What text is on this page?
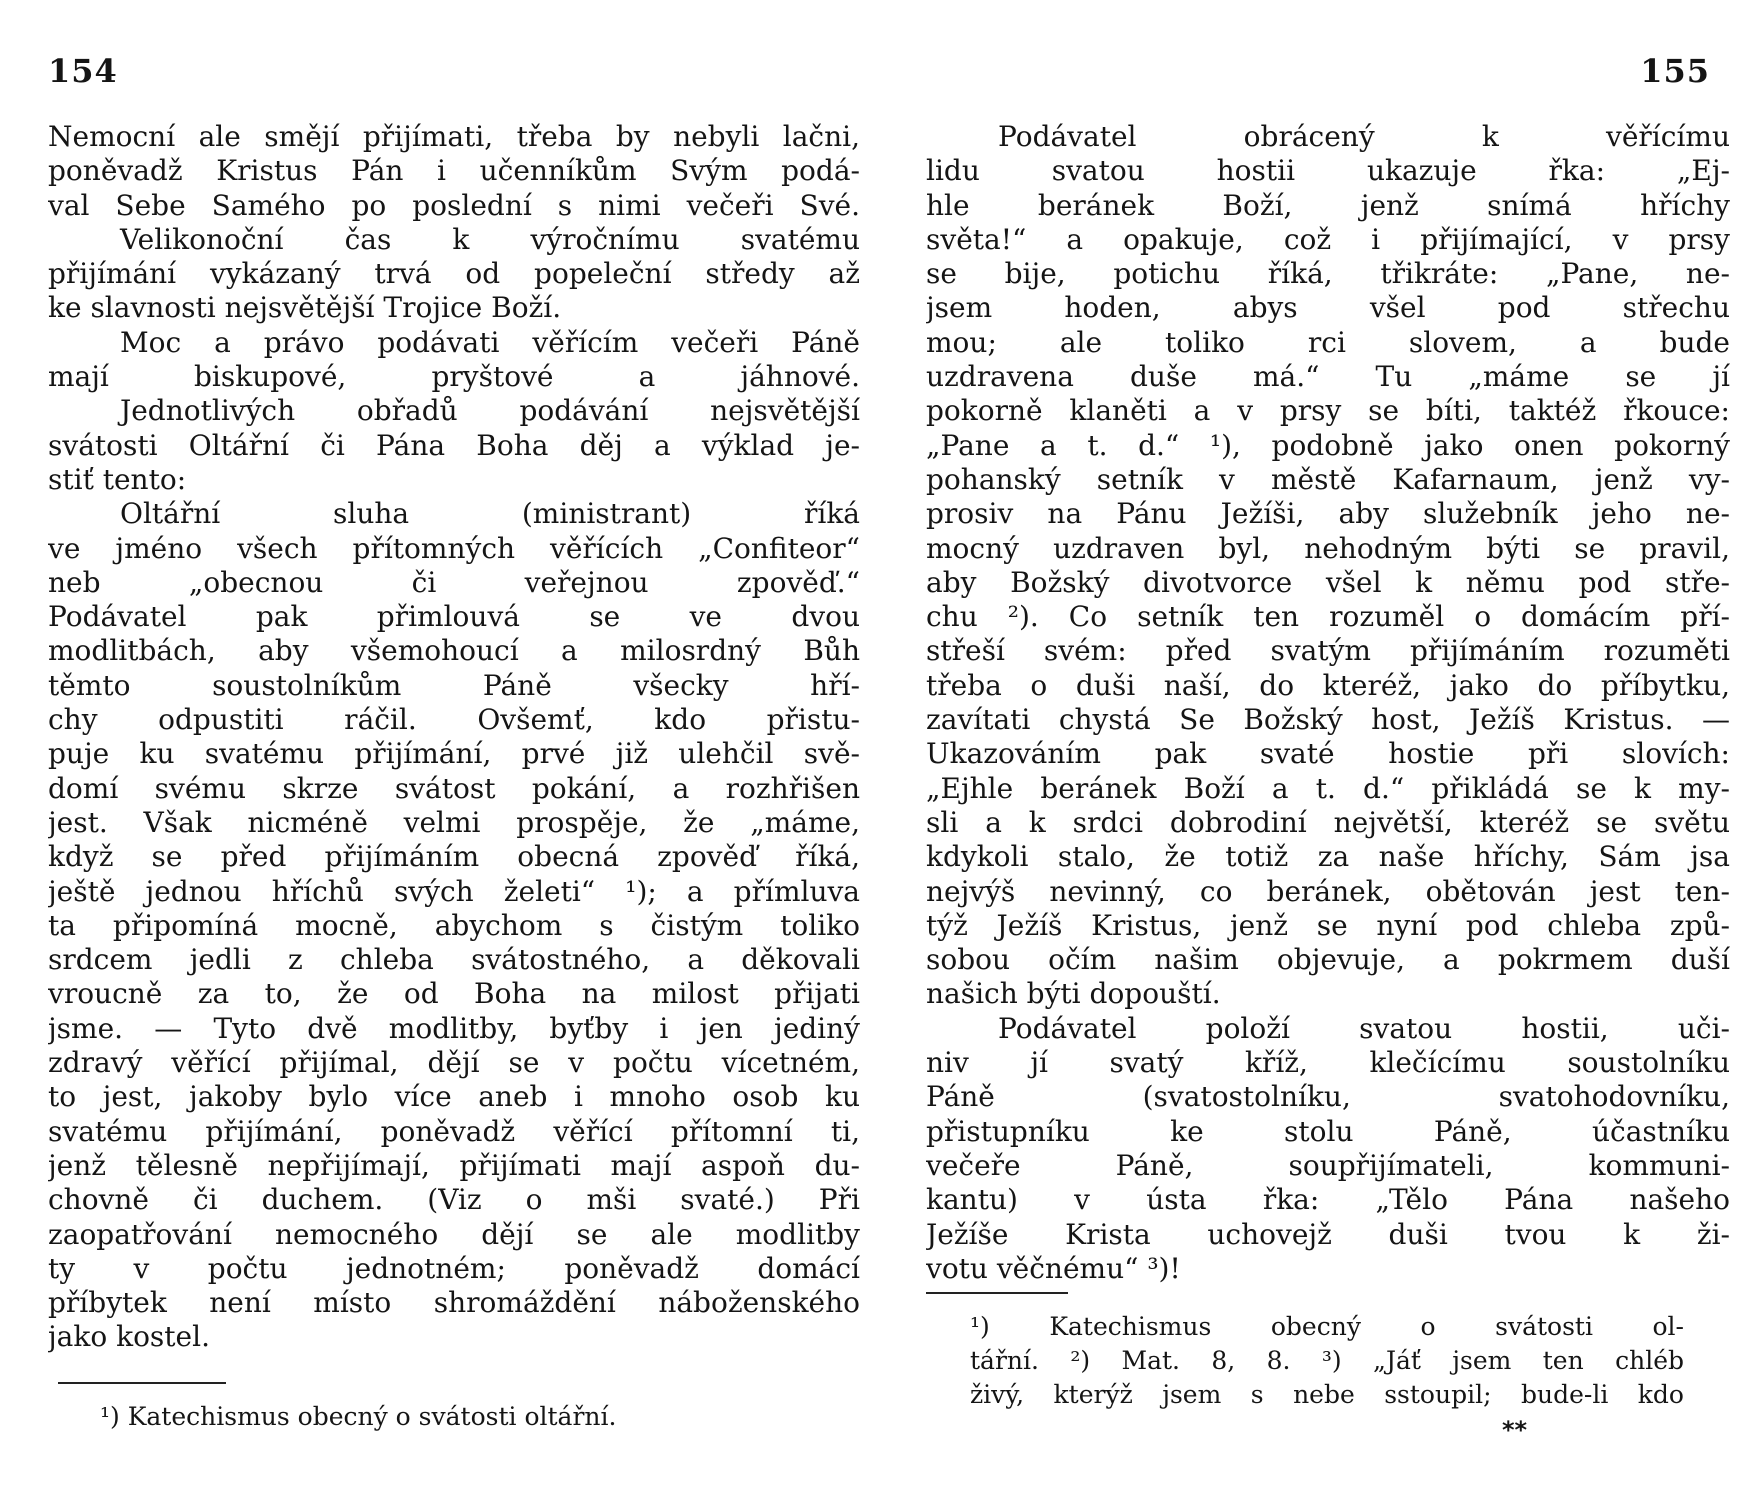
154
Nemocní ale smějí přijímati, třeba by nebyli lačni,
poněvadž Kristus Pán i učenníkům Svým podá-
val Sebe Samého po poslední s nimi večeři Své.
Velikonoční čas k výročnímu svatému
přijímání vykázaný trvá od popeleční středy až
ke slavnosti nejsvětější Trojice Boží.
Moc a právo podávati věřícím večeři Páně
mají biskupové, pryštové a jáhnové.
Jednotlivých obřadů podávání nejsvětější
svátosti Oltářní či Pána Boha děj a výklad je-
stiť tento:
Oltářní sluha (ministrant) říká
ve jméno všech přítomných věřících „Confiteor“
neb „obecnou či veřejnou zpověď.“
Podávatel pak přimlouvá se ve dvou
modlitbách, aby všemohoucí a milosrdný Bůh
těmto soustolníkům Páně všecky hří-
chy odpustiti ráčil. Ovšemť, kdo přistu-
puje ku svatému přijímání, prvé již ulehčil svě-
domí svému skrze svátost pokání, a rozhřišen
jest. Však nicméně velmi prospěje, že „máme,
když se před přijímáním obecná zpověď říká,
ještě jednou hříchů svých želeti“ ¹); a přímluva
ta připomíná mocně, abychom s čistým toliko
srdcem jedli z chleba svátostného, a děkovali
vroucně za to, že od Boha na milost přijati
jsme. — Tyto dvě modlitby, byťby i jen jediný
zdravý věřící přijímal, dějí se v počtu vícetném,
to jest, jakoby bylo více aneb i mnoho osob ku
svatému přijímání, poněvadž věřící přítomní ti,
jenž tělesně nepřijímají, přijímati mají aspoň du-
chovně či duchem. (Viz o mši svaté.) Při
zaopatřování nemocného dějí se ale modlitby
ty v počtu jednotném; poněvadž domácí
příbytek není místo shromáždění náboženského
jako kostel.
¹) Katechismus obecný o svátosti oltářní.
155
Podávatel obrácený k věřícímu
lidu svatou hostii ukazuje řka: „Ej-
hle beránek Boží, jenž snímá hříchy
světa!“ a opakuje, což i přijímající, v prsy
se bije, potichu říká, třikráte: „Pane, ne-
jsem hoden, abys všel pod střechu
mou; ale toliko rci slovem, a bude
uzdravena duše má.“ Tu „máme se jí
pokorně klaněti a v prsy se bíti, taktéž řkouce:
„Pane a t. d.“ ¹), podobně jako onen pokorný
pohanský setník v městě Kafarnaum, jenž vy-
prosiv na Pánu Ježíši, aby služebník jeho ne-
mocný uzdraven byl, nehodným býti se pravil,
aby Božský divotvorce všel k němu pod stře-
chu ²). Co setník ten rozuměl o domácím pří-
střeší svém: před svatým přijímáním rozuměti
třeba o duši naší, do kteréž, jako do příbytku,
zavítati chystá Se Božský host, Ježíš Kristus. —
Ukazováním pak svaté hostie při slovích:
„Ejhle beránek Boží a t. d.“ přikládá se k my-
sli a k srdci dobrodiní největší, kteréž se světu
kdykoli stalo, že totiž za naše hříchy, Sám jsa
nejvýš nevinný, co beránek, obětován jest ten-
týž Ježíš Kristus, jenž se nyní pod chleba způ-
sobou očím našim objevuje, a pokrmem duší
našich býti dopouští.
Podávatel položí svatou hostii, uči-
niv jí svatý kříž, klečícímu soustolníku
Páně (svatostolníku, svatohodovníku,
přistupníku ke stolu Páně, účastníku
večeře Páně, soupřijímateli, kommuni-
kantu) v ústa řka: „Tělo Pána našeho
Ježíše Krista uchovejž duši tvou k ži-
votu věčnému“ ³)!
¹) Katechismus obecný o svátosti ol-
tářní. ²) Mat. 8, 8. ³) „Jáť jsem ten chléb
živý, kterýž jsem s nebe sstoupil; bude-li kdo
**
